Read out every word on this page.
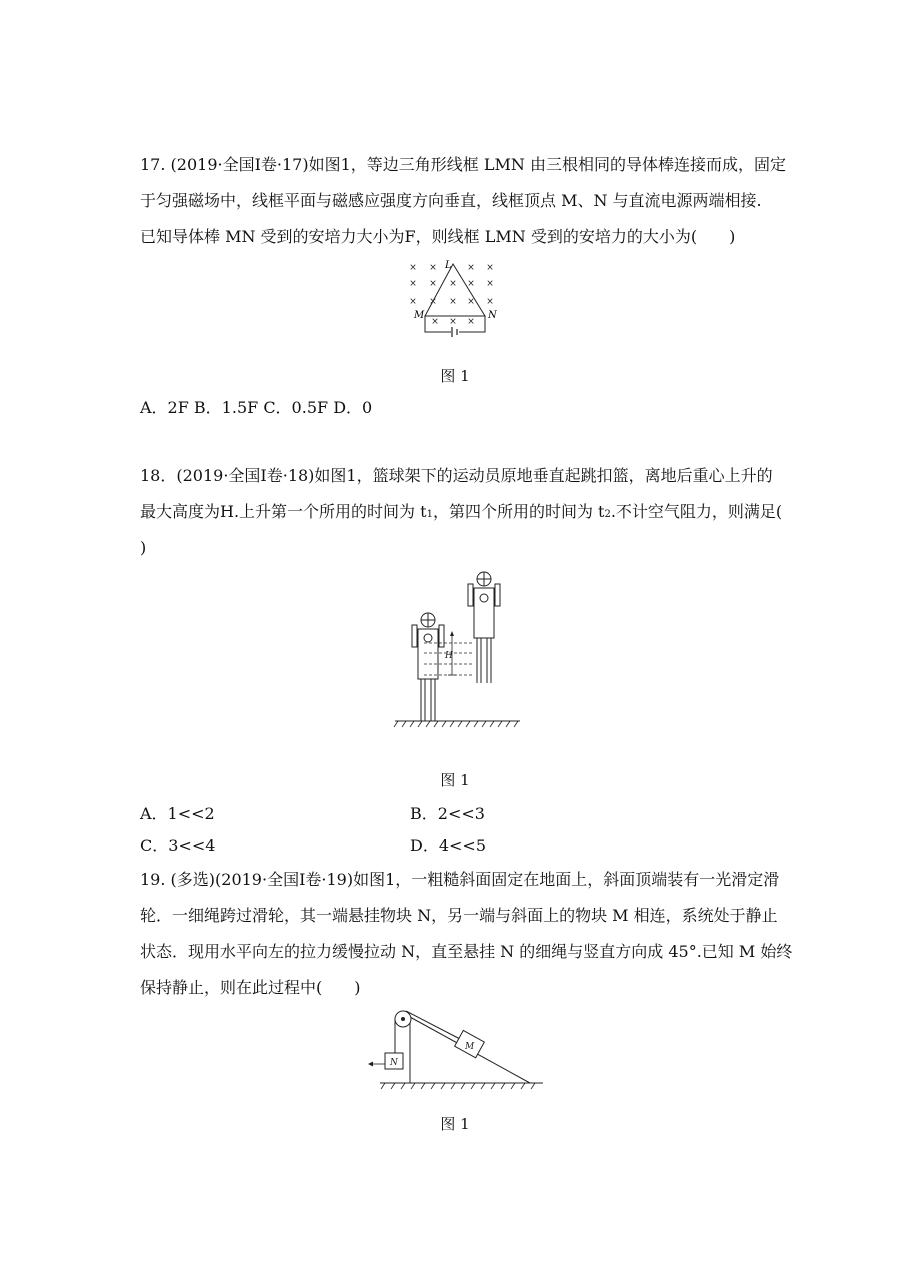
17. (2019·全国Ⅰ卷·17)如图1，等边三角形线框 LMN 由三根相同的导体棒连接而成，固定
于匀强磁场中，线框平面与磁感应强度方向垂直，线框顶点 M、N 与直流电源两端相接.
已知导体棒 MN 受到的安培力大小为F，则线框 LMN 受到的安培力的大小为(　　)
× ×	× ×
× × × × ×
× × × × ×
× × ×
L
M	N
图 1
A．2F B．1.5F C．0.5F D．0
18．(2019·全国Ⅰ卷·18)如图1，篮球架下的运动员原地垂直起跳扣篮，离地后重心上升的
最大高度为H.上升第一个所用的时间为 t1，第四个所用的时间为 t2.不计空气阻力，则满足(
)
H
图 1
A．1<<2	B．2<<3
C．3<<4	D．4<<5
19. (多选)(2019·全国Ⅰ卷·19)如图1，一粗糙斜面固定在地面上，斜面顶端装有一光滑定滑
轮．一细绳跨过滑轮，其一端悬挂物块 N，另一端与斜面上的物块 M 相连，系统处于静止
状态．现用水平向左的拉力缓慢拉动 N，直至悬挂 N 的细绳与竖直方向成 45°.已知 M 始终
保持静止，则在此过程中(　　)
M
N
图 1
